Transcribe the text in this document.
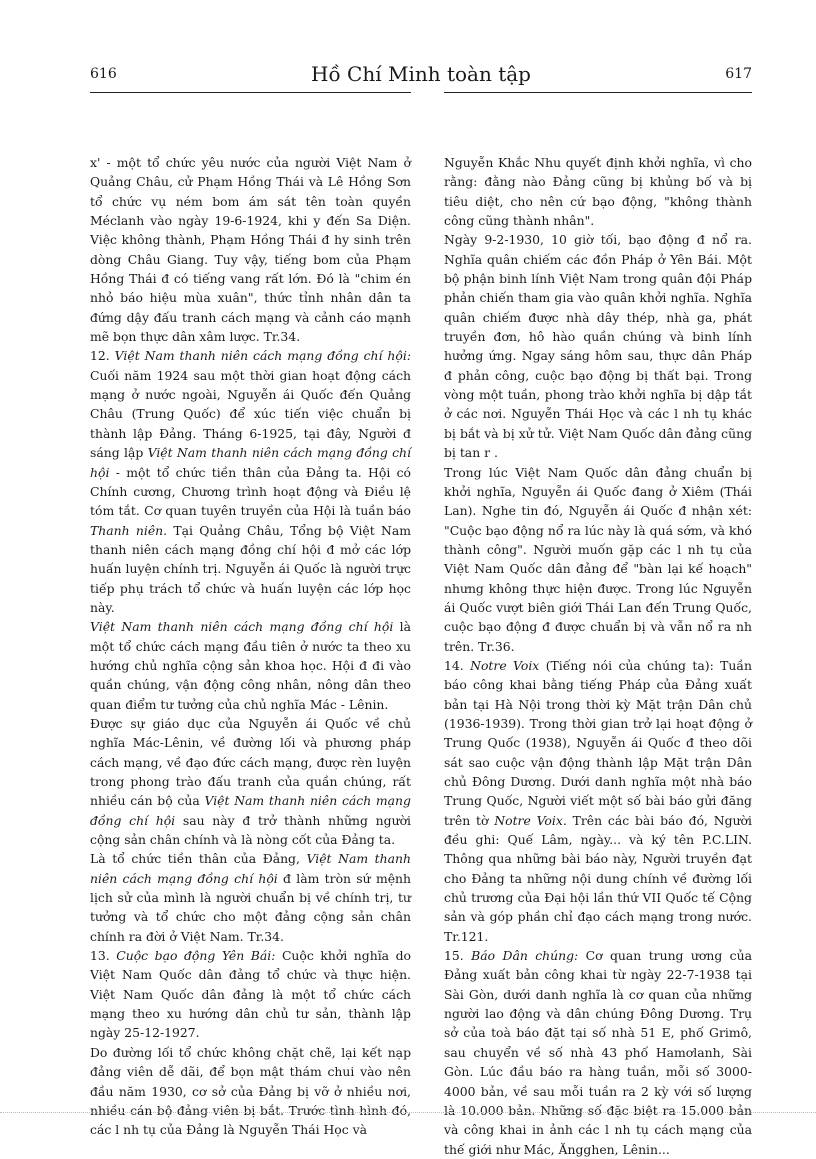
616	Hồ Chí Minh toàn tập	617

x' - một tổ chức yêu nước của người Việt Nam ở Quảng Châu, cử Phạm Hồng Thái và Lê Hồng Sơn tổ chức vụ ném bom ám sát tên toàn quyền Méclanh vào ngày 19-6-1924, khi y đến Sa Diện. Việc không thành, Phạm Hồng Thái đ hy sinh trên dòng Châu Giang. Tuy vậy, tiếng bom của Phạm Hồng Thái đ có tiếng vang rất lớn. Đó là "chim én nhỏ báo hiệu mùa xuân", thức tỉnh nhân dân ta đứng dậy đấu tranh cách mạng và cảnh cáo mạnh mẽ bọn thực dân xâm lược. Tr.34.

12. Việt Nam thanh niên cách mạng đồng chí hội: Cuối năm 1924 sau một thời gian hoạt động cách mạng ở nước ngoài, Nguyễn ái Quốc đến Quảng Châu (Trung Quốc) để xúc tiến việc chuẩn bị thành lập Đảng. Tháng 6-1925, tại đây, Người đ sáng lập Việt Nam thanh niên cách mạng đồng chí hội - một tổ chức tiền thân của Đảng ta. Hội có Chính cương, Chương trình hoạt động và Điều lệ tóm tắt. Cơ quan tuyên truyền của Hội là tuần báo Thanh niên. Tại Quảng Châu, Tổng bộ Việt Nam thanh niên cách mạng đồng chí hội đ mở các lớp huấn luyện chính trị. Nguyễn ái Quốc là người trực tiếp phụ trách tổ chức và huấn luyện các lớp học này.

Việt Nam thanh niên cách mạng đồng chí hội là một tổ chức cách mạng đầu tiên ở nước ta theo xu hướng chủ nghĩa cộng sản khoa học. Hội đ đi vào quần chúng, vận động công nhân, nông dân theo quan điểm tư tưởng của chủ nghĩa Mác - Lênin.

Được sự giáo dục của Nguyễn ái Quốc về chủ nghĩa Mác-Lênin, về đường lối và phương pháp cách mạng, về đạo đức cách mạng, được rèn luyện trong phong trào đấu tranh của quần chúng, rất nhiều cán bộ của Việt Nam thanh niên cách mạng đồng chí hội sau này đ trở thành những người cộng sản chân chính và là nòng cốt của Đảng ta.

Là tổ chức tiền thân của Đảng, Việt Nam thanh niên cách mạng đồng chí hội đ làm tròn sứ mệnh lịch sử của mình là người chuẩn bị về chính trị, tư tưởng và tổ chức cho một đảng cộng sản chân chính ra đời ở Việt Nam. Tr.34.

13. Cuộc bạo động Yên Bái: Cuộc khởi nghĩa do Việt Nam Quốc dân đảng tổ chức và thực hiện. Việt Nam Quốc dân đảng là một tổ chức cách mạng theo xu hướng dân chủ tư sản, thành lập ngày 25-12-1927.

Do đường lối tổ chức không chặt chẽ, lại kết nạp đảng viên dễ dãi, để bọn mật thám chui vào nên đầu năm 1930, cơ sở của Đảng bị vỡ ở nhiều nơi, nhiều cán bộ đảng viên bị bắt. Trước tình hình đó, các l nh tụ của Đảng là Nguyễn Thái Học và

Nguyễn Khắc Nhu quyết định khởi nghĩa, vì cho rằng: đằng nào Đảng cũng bị khủng bố và bị tiêu diệt, cho nên cứ bạo động, "không thành công cũng thành nhân".

Ngày 9-2-1930, 10 giờ tối, bạo động đ nổ ra. Nghĩa quân chiếm các đồn Pháp ở Yên Bái. Một bộ phận binh lính Việt Nam trong quân đội Pháp phản chiến tham gia vào quân khởi nghĩa. Nghĩa quân chiếm được nhà dây thép, nhà ga, phát truyền đơn, hô hào quần chúng và binh lính hưởng ứng. Ngay sáng hôm sau, thực dân Pháp đ phản công, cuộc bạo động bị thất bại. Trong vòng một tuần, phong trào khởi nghĩa bị dập tắt ở các nơi. Nguyễn Thái Học và các l nh tụ khác bị bắt và bị xử tử. Việt Nam Quốc dân đảng cũng bị tan r .

Trong lúc Việt Nam Quốc dân đảng chuẩn bị khởi nghĩa, Nguyễn ái Quốc đang ở Xiêm (Thái Lan). Nghe tin đó, Nguyễn ái Quốc đ nhận xét: "Cuộc bạo động nổ ra lúc này là quá sớm, và khó thành công". Người muốn gặp các l nh tụ của Việt Nam Quốc dân đảng để "bàn lại kế hoạch" nhưng không thực hiện được. Trong lúc Nguyễn ái Quốc vượt biên giới Thái Lan đến Trung Quốc, cuộc bạo động đ được chuẩn bị và vẫn nổ ra nh trên. Tr.36.

14. Notre Voix (Tiếng nói của chúng ta): Tuần báo công khai bằng tiếng Pháp của Đảng xuất bản tại Hà Nội trong thời kỳ Mặt trận Dân chủ (1936-1939). Trong thời gian trở lại hoạt động ở Trung Quốc (1938), Nguyễn ái Quốc đ theo dõi sát sao cuộc vận động thành lập Mặt trận Dân chủ Đông Dương. Dưới danh nghĩa một nhà báo Trung Quốc, Người viết một số bài báo gửi đăng trên tờ Notre Voix. Trên các bài báo đó, Người đều ghi: Quế Lâm, ngày... và ký tên P.C.LIN. Thông qua những bài báo này, Người truyền đạt cho Đảng ta những nội dung chính về đường lối chủ trương của Đại hội lần thứ VII Quốc tế Cộng sản và góp phần chỉ đạo cách mạng trong nước. Tr.121.

15. Báo Dân chúng: Cơ quan trung ương của Đảng xuất bản công khai từ ngày 22-7-1938 tại Sài Gòn, dưới danh nghĩa là cơ quan của những người lao động và dân chúng Đông Dương. Trụ sở của toà báo đặt tại số nhà 51 E, phố Grimô, sau chuyển về số nhà 43 phố Hamơlanh, Sài Gòn. Lúc đầu báo ra hàng tuần, mỗi số 3000-4000 bản, về sau mỗi tuần ra 2 kỳ với số lượng là 10.000 bản. Những số đặc biệt ra 15.000 bản và công khai in ảnh các l nh tụ cách mạng của thế giới như Mác, Ăngghen, Lênin...
